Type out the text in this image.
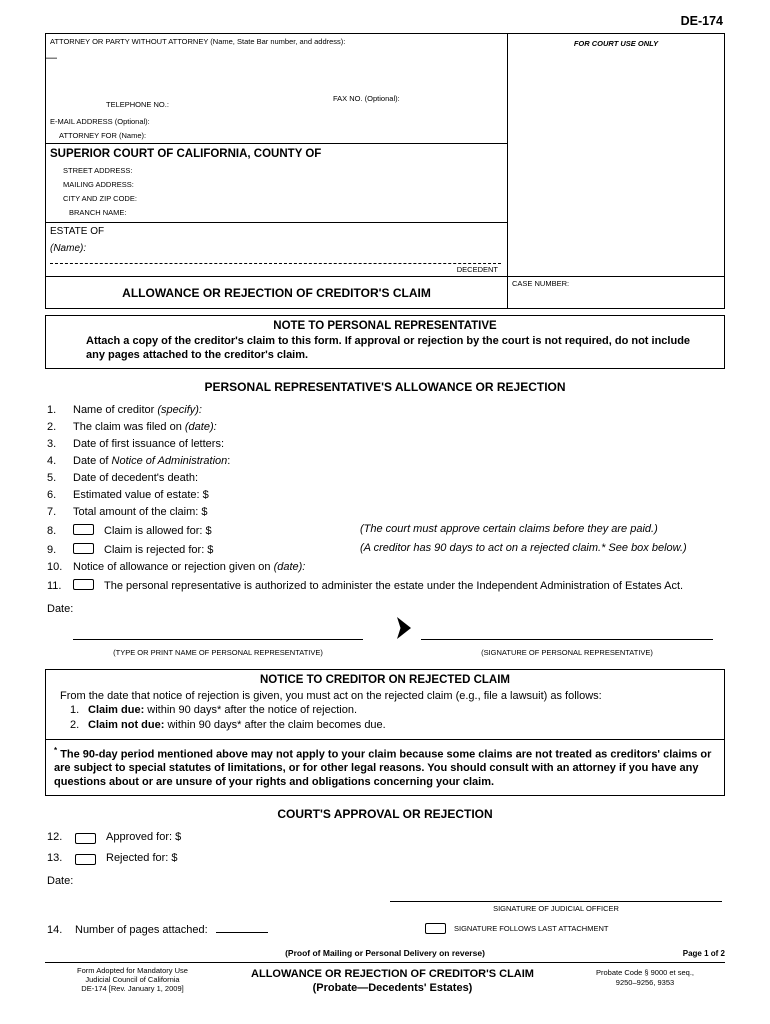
DE-174
ATTORNEY OR PARTY WITHOUT ATTORNEY (Name, State Bar number, and address):
—
TELEPHONE NO.:
FAX NO. (Optional):
E-MAIL ADDRESS (Optional):
ATTORNEY FOR (Name):
SUPERIOR COURT OF CALIFORNIA, COUNTY OF
STREET ADDRESS:
MAILING ADDRESS:
CITY AND ZIP CODE:
BRANCH NAME:
ESTATE OF
(Name):
DECEDENT
ALLOWANCE OR REJECTION OF CREDITOR'S CLAIM
FOR COURT USE ONLY
CASE NUMBER:
NOTE TO PERSONAL REPRESENTATIVE
Attach a copy of the creditor's claim to this form. If approval or rejection by the court is not required, do not include any pages attached to the creditor's claim.
PERSONAL REPRESENTATIVE'S ALLOWANCE OR REJECTION
1.	Name of creditor (specify):
2.	The claim was filed on (date):
3.	Date of first issuance of letters:
4.	Date of Notice of Administration:
5.	Date of decedent's death:
6.	Estimated value of estate: $
7.	Total amount of the claim: $
8.	Claim is allowed for: $	(The court must approve certain claims before they are paid.)
9.	Claim is rejected for: $	(A creditor has 90 days to act on a rejected claim.* See box below.)
10. Notice of allowance or rejection given on (date):
11.	The personal representative is authorized to administer the estate under the Independent Administration of Estates Act.
Date:
(TYPE OR PRINT NAME OF PERSONAL REPRESENTATIVE)	(SIGNATURE OF PERSONAL REPRESENTATIVE)
NOTICE TO CREDITOR ON REJECTED CLAIM
From the date that notice of rejection is given, you must act on the rejected claim (e.g., file a lawsuit) as follows:
1. Claim due: within 90 days* after the notice of rejection.
2. Claim not due: within 90 days* after the claim becomes due.
* The 90-day period mentioned above may not apply to your claim because some claims are not treated as creditors' claims or are subject to special statutes of limitations, or for other legal reasons. You should consult with an attorney if you have any questions about or are unsure of your rights and obligations concerning your claim.
COURT'S APPROVAL OR REJECTION
12.	Approved for: $
13.	Rejected for: $
Date:
SIGNATURE OF JUDICIAL OFFICER
14.	Number of pages attached:	SIGNATURE FOLLOWS LAST ATTACHMENT
(Proof of Mailing or Personal Delivery on reverse)	Page 1 of 2
Form Adopted for Mandatory Use
Judicial Council of California
DE-174 [Rev. January 1, 2009]
ALLOWANCE OR REJECTION OF CREDITOR'S CLAIM
(Probate—Decedents' Estates)
Probate Code § 9000 et seq.,
9250–9256, 9353
